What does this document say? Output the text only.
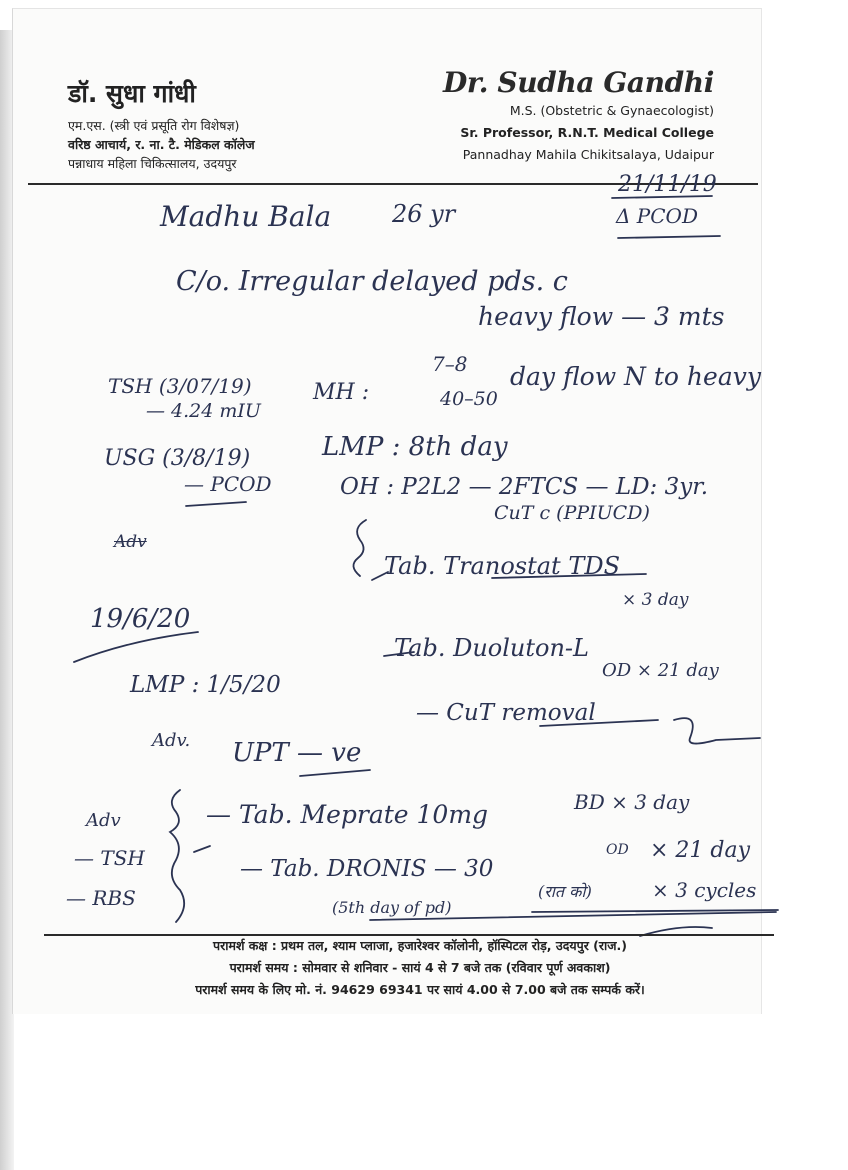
डॉ. सुधा गांधी
एम.एस. (स्त्री एवं प्रसूति रोग विशेषज्ञ)
वरिष्ठ आचार्य, र. ना. टै. मेडिकल कॉलेज
पन्नाधाय महिला चिकित्सालय, उदयपुर
Dr. Sudha Gandhi
M.S. (Obstetric & Gynaecologist)
Sr. Professor, R.N.T. Medical College
Pannadhay Mahila Chikitsalaya, Udaipur
21/11/19
Δ PCOD
Madhu Bala	26 yr
C/o. Irregular delayed pds. c
heavy flow — 3 mts
TSH (3/07/19)
— 4.24 mIU
MH :
7–8
40–50
day flow N to heavy
USG (3/8/19)
— PCOD
LMP : 8th day
OH : P2L2 — 2FTCS — LD: 3yr.
CuT c (PPIUCD)
Adv
Tab. Tranostat TDS
× 3 day
19/6/20
Tab. Duoluton-L
OD × 21 day
LMP : 1/5/20
— CuT removal
Adv. UPT — ve
Adv
— TSH
— RBS
— Tab. Meprate 10mg	BD × 3 day
— Tab. DRONIS — 30
OD × 21 day
(5th day of pd)
(रात को)	× 3 cycles
परामर्श कक्ष : प्रथम तल, श्याम प्लाजा, हजारेश्वर कॉलोनी, हॉस्पिटल रोड़, उदयपुर (राज.)
परामर्श समय : सोमवार से शनिवार - सायं 4 से 7 बजे तक (रविवार पूर्ण अवकाश)
परामर्श समय के लिए मो. नं. 94629 69341 पर सायं 4.00 से 7.00 बजे तक सम्पर्क करें।
